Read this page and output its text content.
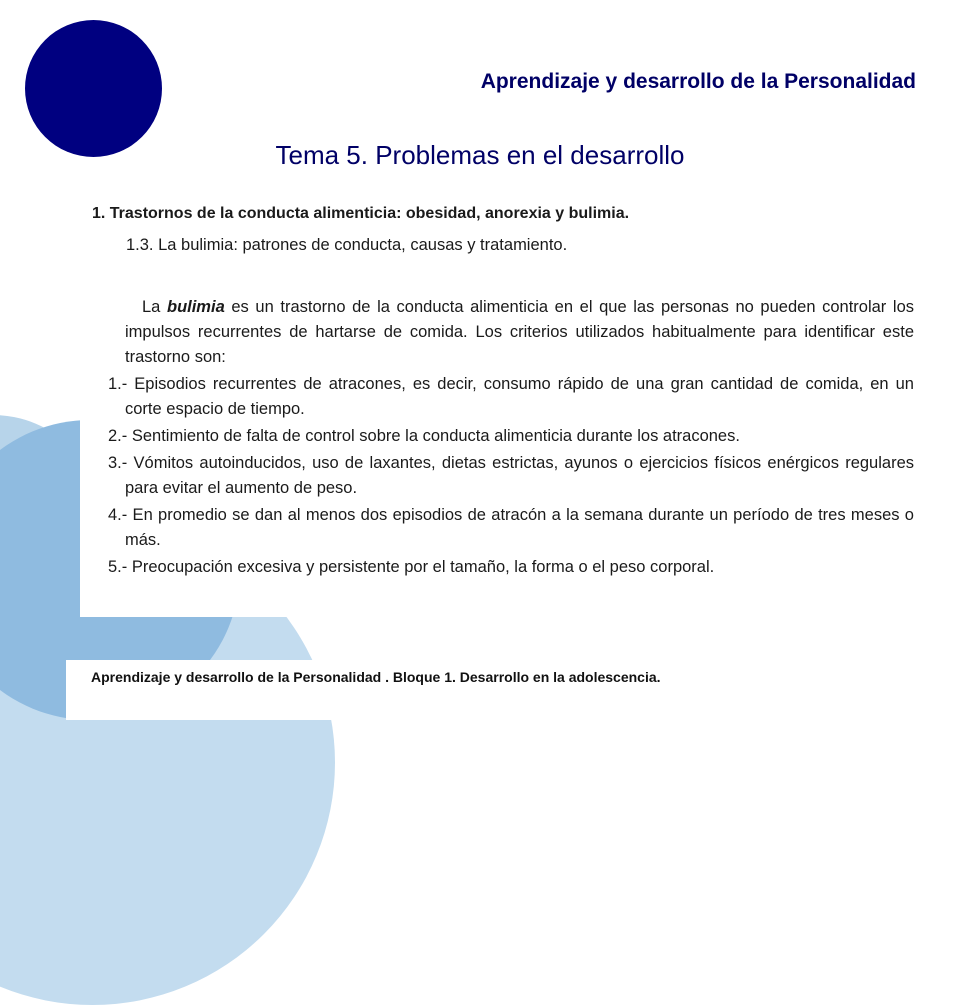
Aprendizaje y desarrollo de la Personalidad
Tema 5. Problemas en el desarrollo

1. Trastornos de la conducta alimenticia: obesidad, anorexia y bulimia.

1.3. La bulimia: patrones de conducta, causas y tratamiento.

La bulimia es un trastorno de la conducta alimenticia en el que las personas no pueden controlar los impulsos recurrentes de hartarse de comida. Los criterios utilizados habitualmente para identificar este trastorno son:

1.- Episodios recurrentes de atracones, es decir, consumo rápido de una gran cantidad de comida, en un corte espacio de tiempo.

2.- Sentimiento de falta de control sobre la conducta alimenticia durante los atracones.

3.- Vómitos autoinducidos, uso de laxantes, dietas estrictas, ayunos o ejercicios físicos enérgicos regulares para evitar el aumento de peso.

4.- En promedio se dan al menos dos episodios de atracón a la semana durante un período de tres meses o más.

5.- Preocupación excesiva y persistente por el tamaño, la forma o el peso corporal.

Aprendizaje y desarrollo de la Personalidad . Bloque 1. Desarrollo en la adolescencia.
